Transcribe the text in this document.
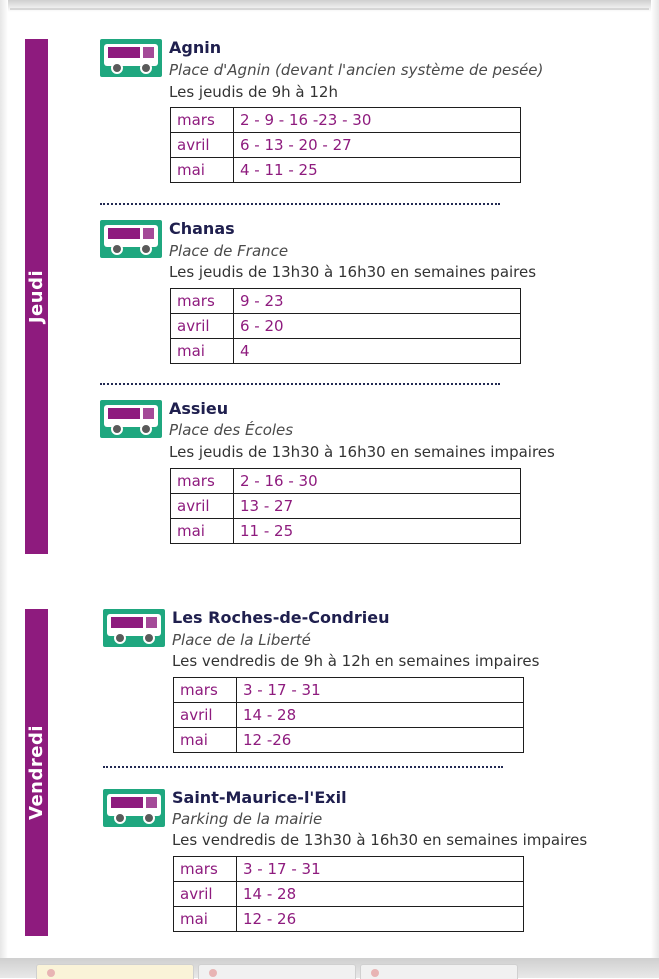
Jeudi
Vendredi
Agnin
Place d'Agnin (devant l'ancien système de pesée)
Les jeudis de 9h à 12h
mars	2 - 9 - 16 -23 - 30
avril	6 - 13 - 20 - 27
mai	4 - 11 - 25
Chanas
Place de France
Les jeudis de 13h30 à 16h30 en semaines paires
mars	9 - 23
avril	6 - 20
mai	4
Assieu
Place des Écoles
Les jeudis de 13h30 à 16h30 en semaines impaires
mars	2 - 16 - 30
avril	13 - 27
mai	11 - 25
Les Roches-de-Condrieu
Place de la Liberté
Les vendredis de 9h à 12h en semaines impaires
mars	3 - 17 - 31
avril	14 - 28
mai	12 -26
Saint-Maurice-l'Exil
Parking de la mairie
Les vendredis de 13h30 à 16h30 en semaines impaires
mars	3 - 17 - 31
avril	14 - 28
mai	12 - 26
